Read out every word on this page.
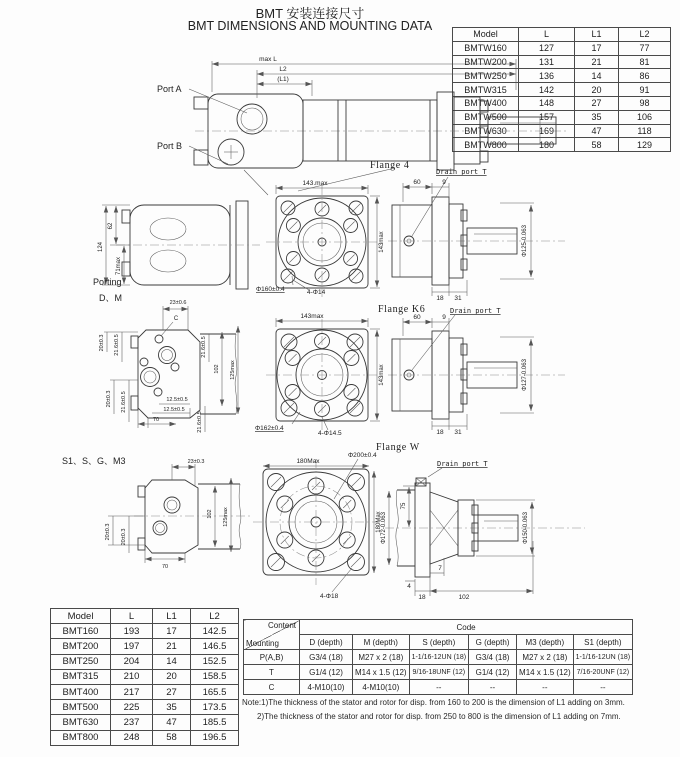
BMT 安装连接尺寸
BMT DIMENSIONS AND MOUNTING DATA
Model	L	L1	L2
BMTW160	127	17	77
BMTW200	131	21	81
BMTW250	136	14	86
BMTW315	142	20	91
BMTW400	148	27	98
BMTW500	157	35	106
BMTW630	169	47	118
BMTW800	180	58	129
max L
L2
(L1)
Port A
Port B
Flange 4
143.max
143max
Φ160±0.4	4-Φ14
Drain port T
60	9
Φ125-0.063
18 31
Flange K6
143max
143max
Φ162±0.4
4-Φ14.5
Drain port T
60	9
Φ127-0.063
18 31
Flange W
180Max
Φ200±0.4
180Max
4-Φ18
Drain port T
75
Φ172-0.063	Φ150-0.063
4
7
18	102
124
62
71max
Porting
D、M	23±0.6
C
20±0.3 21.6±0.5
20±0.3 21.6±0.5
21.6±0.5
102 125max
12.5±0.5
12.5±0.5
70	21.6±0.5
S1、S、G、M3	23±0.3
20±0.3 20±0.3
102 125max
70
Model	L	L1	L2
BMT160	193	17	142.5
BMT200	197	21	146.5
BMT250	204	14	152.5
BMT315	210	20	158.5
BMT400	217	27	165.5
BMT500	225	35	173.5
BMT630	237	47	185.5
BMT800	248	58	196.5
Content
Mounting	Code					
	D (depth)	M (depth)	S (depth)	G (depth)	M3 (depth)	S1 (depth)
P(A,B)	G3/4 (18)	M27 x 2 (18)	1-1/16-12UN (18)	G3/4 (18)	M27 x 2 (18)	1-1/16-12UN (18)
T	G1/4 (12)	M14 x 1.5 (12)	9/16-18UNF (12)	G1/4 (12)	M14 x 1.5 (12)	7/16-20UNF (12)
C	4-M10(10)	4-M10(10)	--	--	--	--
Note:1)The thickness of the stator and rotor for disp. from 160 to 200 is the dimension of L1 adding on 3mm.
2)The thickness of the stator and rotor for disp. from 250 to 800 is the dimension of L1 adding on 7mm.
